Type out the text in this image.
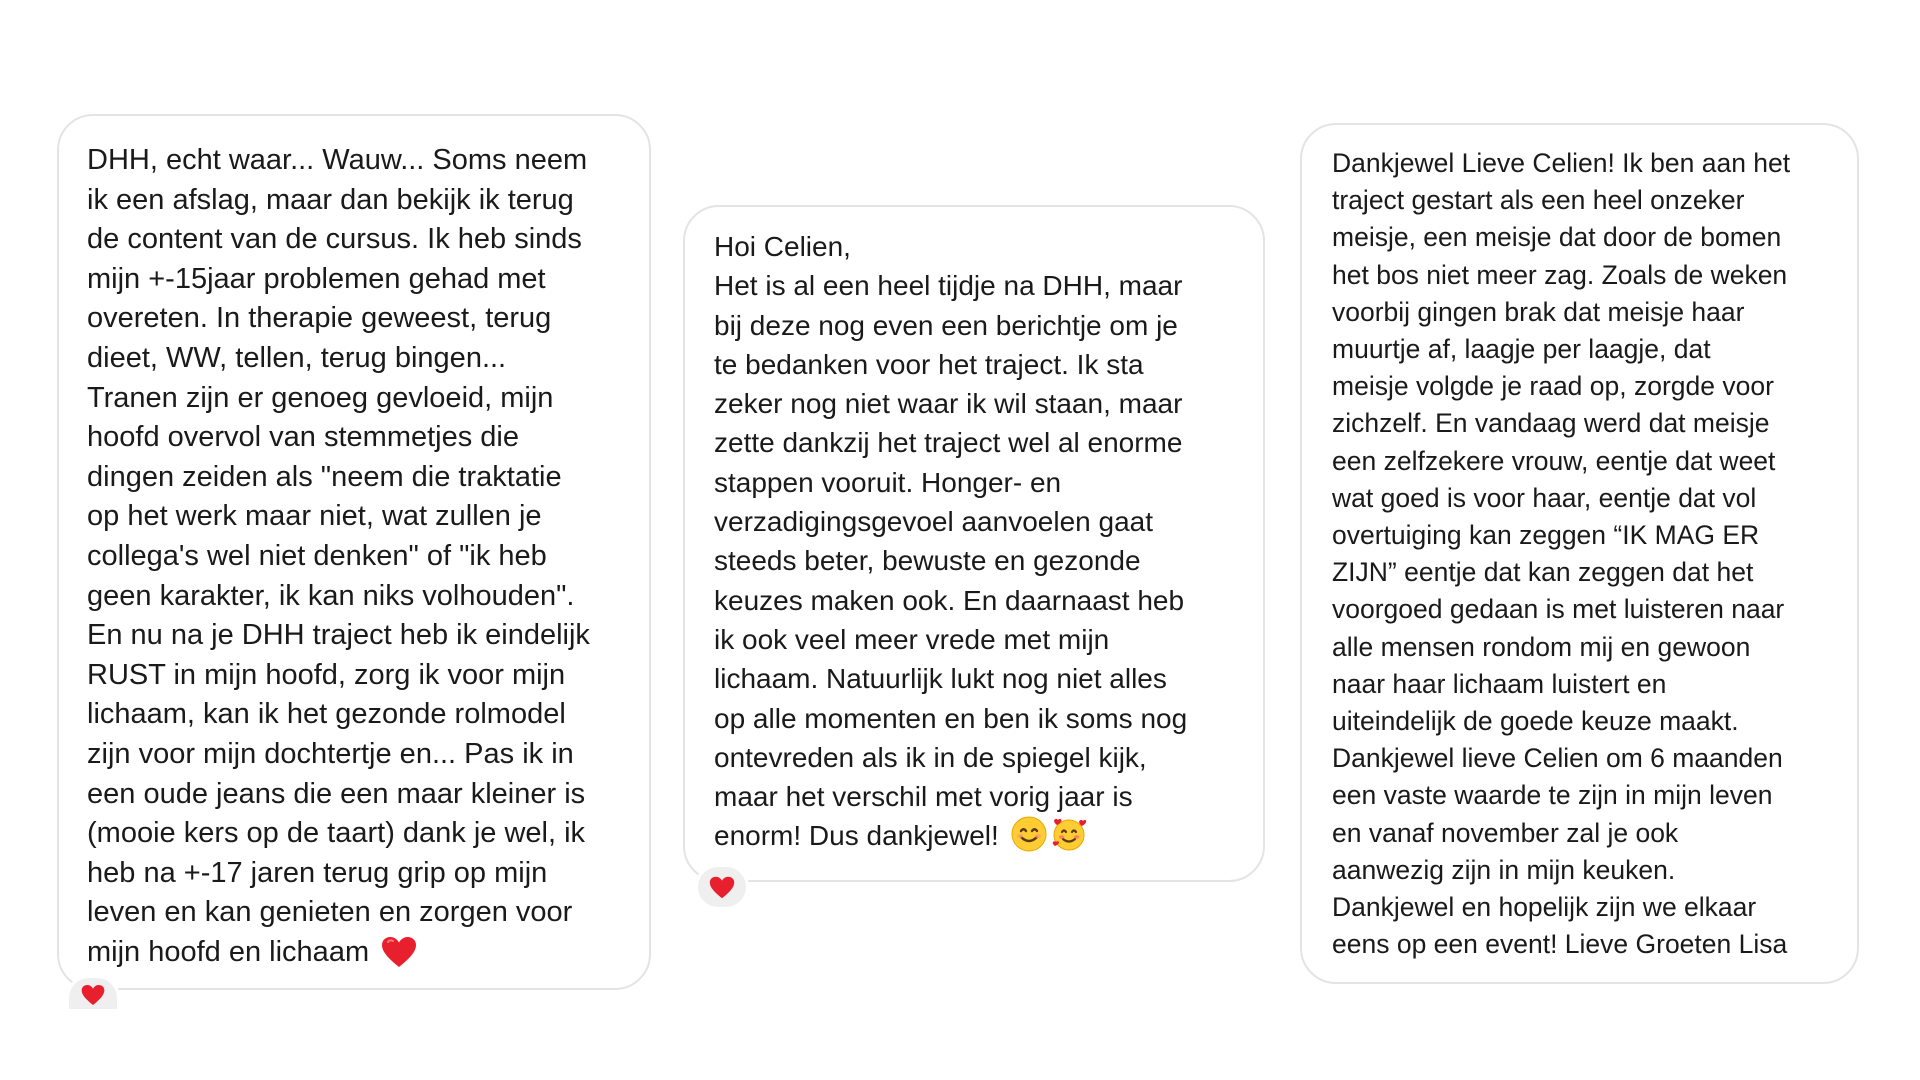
DHH, echt waar... Wauw... Soms neem
ik een afslag, maar dan bekijk ik terug
de content van de cursus. Ik heb sinds
mijn +-15jaar problemen gehad met
overeten. In therapie geweest, terug
dieet, WW, tellen, terug bingen...
Tranen zijn er genoeg gevloeid, mijn
hoofd overvol van stemmetjes die
dingen zeiden als "neem die traktatie
op het werk maar niet, wat zullen je
collega's wel niet denken" of "ik heb
geen karakter, ik kan niks volhouden".
En nu na je DHH traject heb ik eindelijk
RUST in mijn hoofd, zorg ik voor mijn
lichaam, kan ik het gezonde rolmodel
zijn voor mijn dochtertje en... Pas ik in
een oude jeans die een maar kleiner is
(mooie kers op de taart) dank je wel, ik
heb na +-17 jaren terug grip op mijn
leven en kan genieten en zorgen voor
mijn hoofd en lichaam

Hoi Celien,
Het is al een heel tijdje na DHH, maar
bij deze nog even een berichtje om je
te bedanken voor het traject. Ik sta
zeker nog niet waar ik wil staan, maar
zette dankzij het traject wel al enorme
stappen vooruit. Honger- en
verzadigingsgevoel aanvoelen gaat
steeds beter, bewuste en gezonde
keuzes maken ook. En daarnaast heb
ik ook veel meer vrede met mijn
lichaam. Natuurlijk lukt nog niet alles
op alle momenten en ben ik soms nog
ontevreden als ik in de spiegel kijk,
maar het verschil met vorig jaar is
enorm! Dus dankjewel!

Dankjewel Lieve Celien! Ik ben aan het
traject gestart als een heel onzeker
meisje, een meisje dat door de bomen
het bos niet meer zag. Zoals de weken
voorbij gingen brak dat meisje haar
muurtje af, laagje per laagje, dat
meisje volgde je raad op, zorgde voor
zichzelf. En vandaag werd dat meisje
een zelfzekere vrouw, eentje dat weet
wat goed is voor haar, eentje dat vol
overtuiging kan zeggen “IK MAG ER
ZIJN” eentje dat kan zeggen dat het
voorgoed gedaan is met luisteren naar
alle mensen rondom mij en gewoon
naar haar lichaam luistert en
uiteindelijk de goede keuze maakt.
Dankjewel lieve Celien om 6 maanden
een vaste waarde te zijn in mijn leven
en vanaf november zal je ook
aanwezig zijn in mijn keuken.
Dankjewel en hopelijk zijn we elkaar
eens op een event! Lieve Groeten Lisa
